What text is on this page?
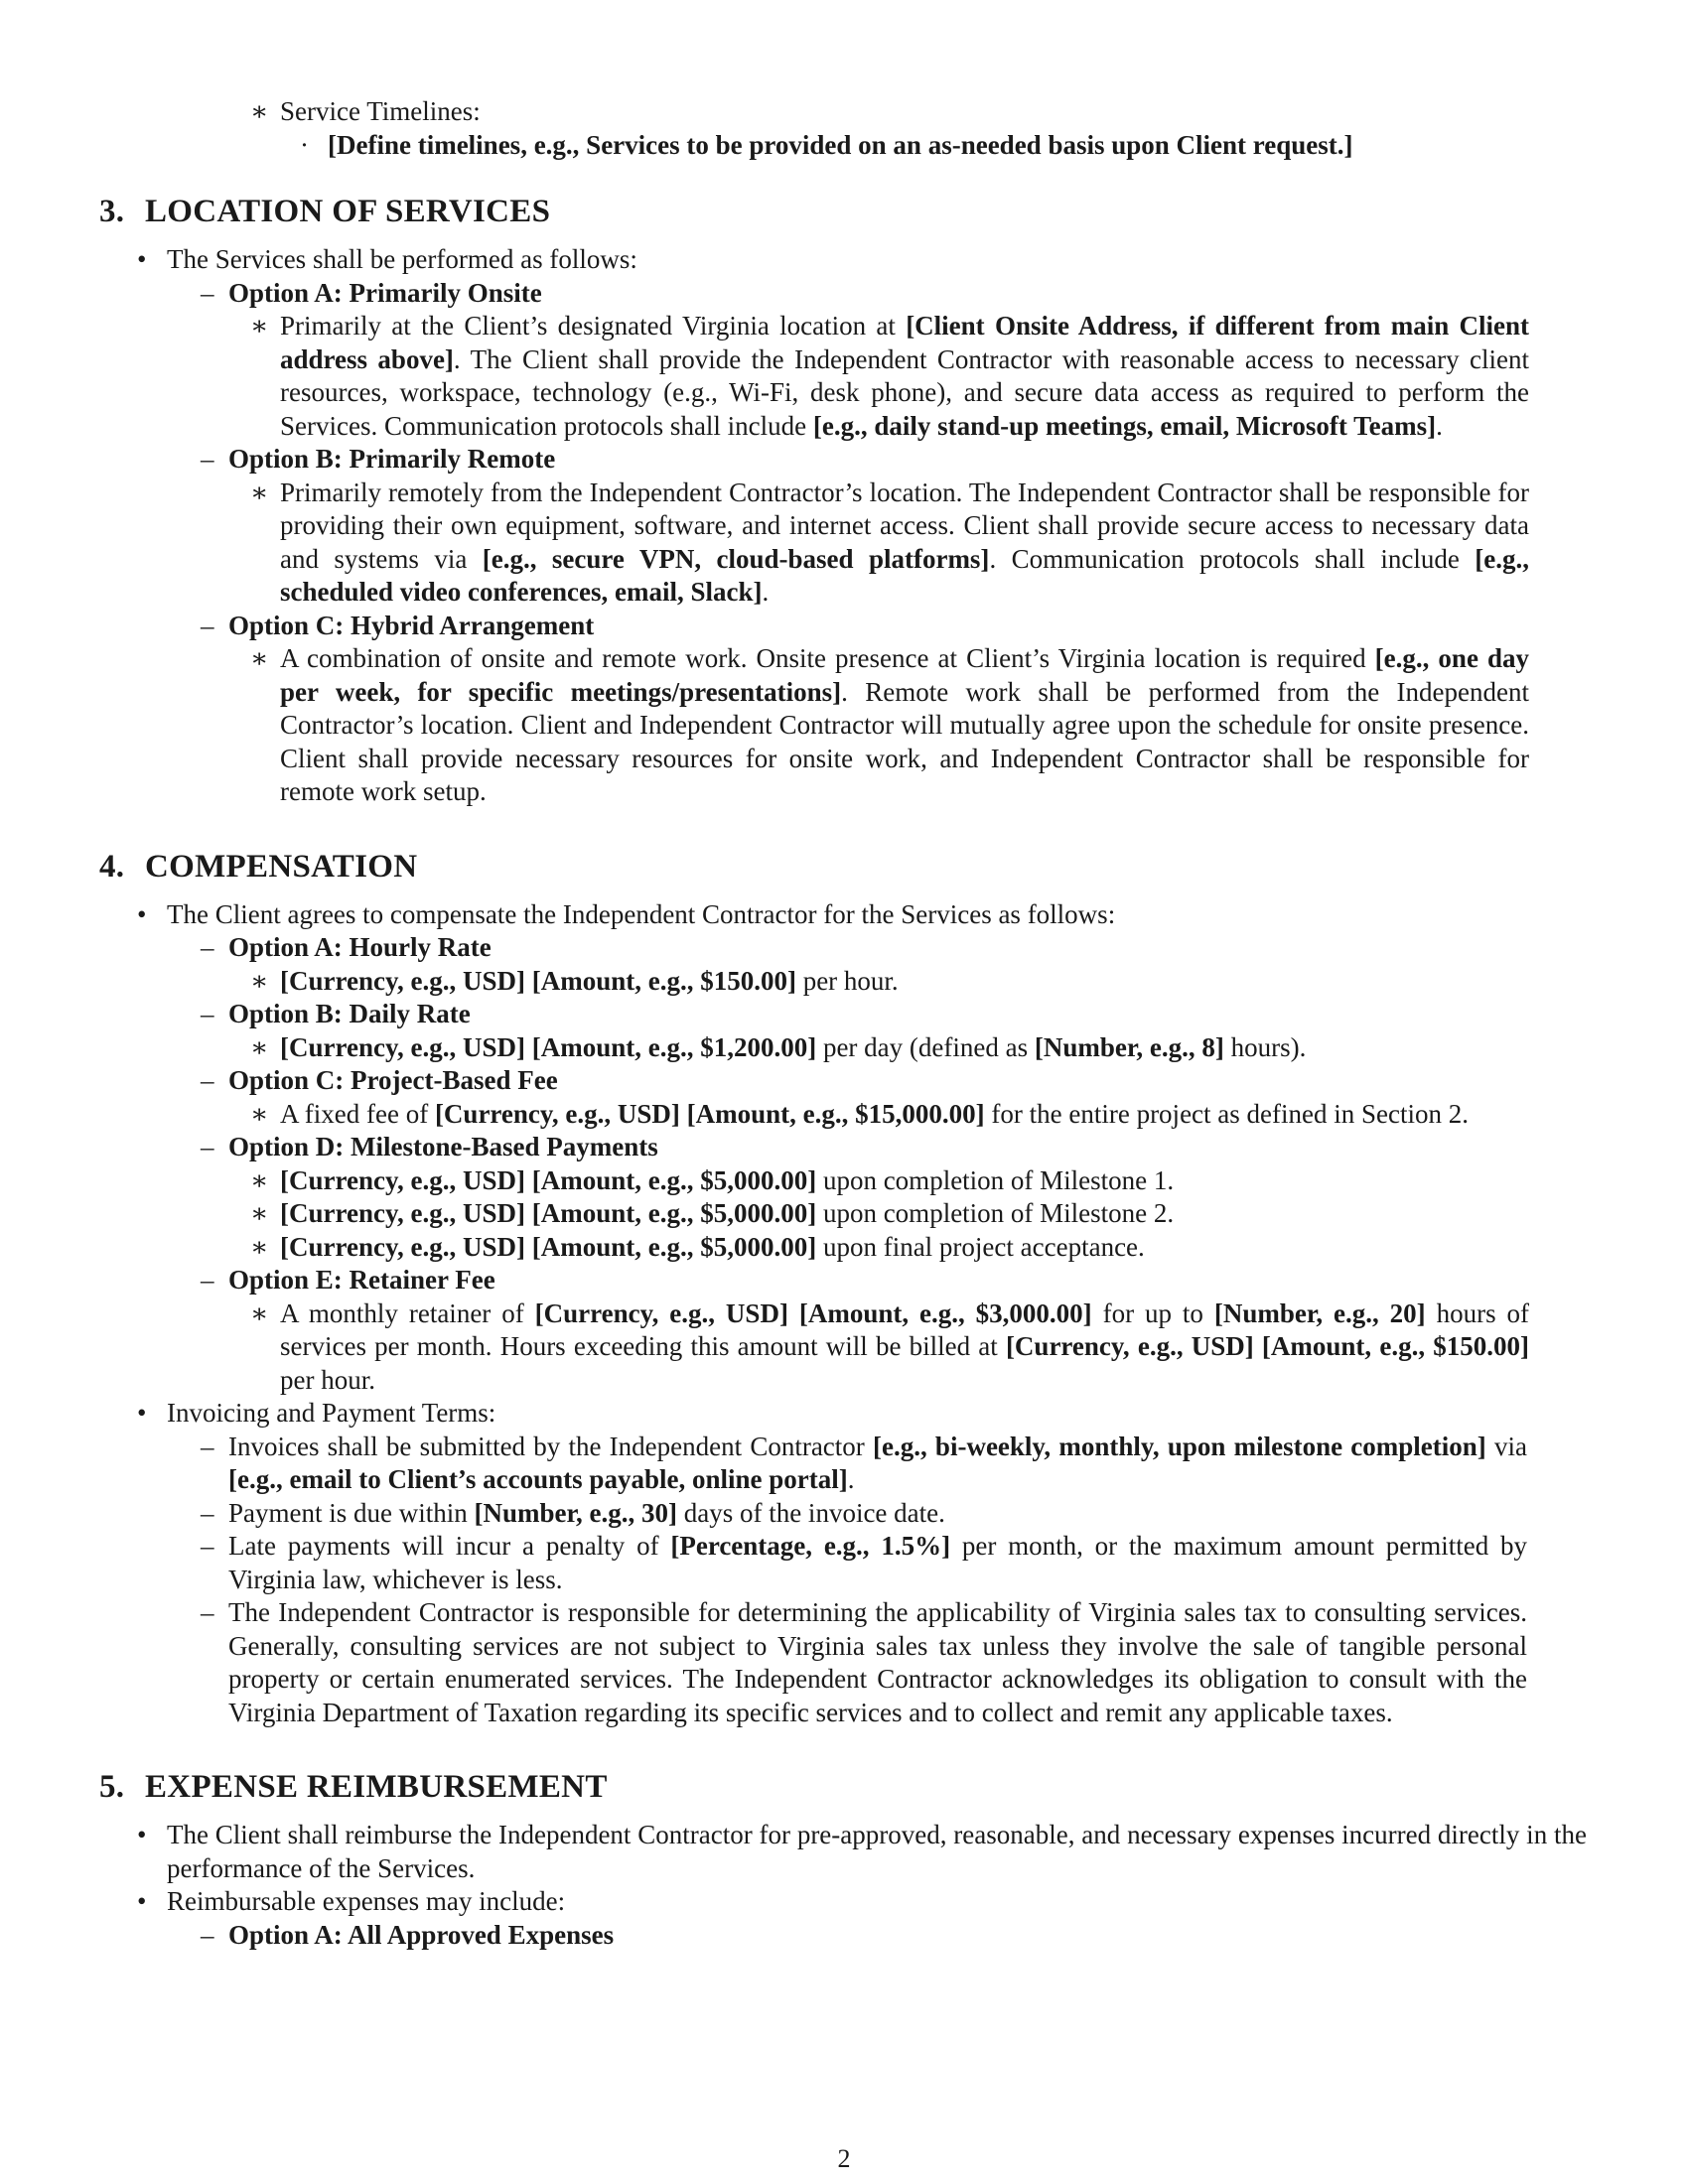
∗ Service Timelines:
· [Define timelines, e.g., Services to be provided on an as-needed basis upon Client request.]
3. LOCATION OF SERVICES
• The Services shall be performed as follows:
– Option A: Primarily Onsite
∗ Primarily at the Client’s designated Virginia location at [Client Onsite Address, if different from main Client address above]. The Client shall provide the Independent Contractor with reasonable access to necessary client resources, workspace, technology (e.g., Wi-Fi, desk phone), and secure data access as required to perform the Services. Communication protocols shall include [e.g., daily stand-up meetings, email, Microsoft Teams].
– Option B: Primarily Remote
∗ Primarily remotely from the Independent Contractor’s location. The Independent Contractor shall be responsible for providing their own equipment, software, and internet access. Client shall provide secure access to necessary data and systems via [e.g., secure VPN, cloud-based platforms]. Communication protocols shall include [e.g., scheduled video conferences, email, Slack].
– Option C: Hybrid Arrangement
∗ A combination of onsite and remote work. Onsite presence at Client’s Virginia location is required [e.g., one day per week, for specific meetings/presentations]. Remote work shall be performed from the Independent Contractor’s location. Client and Independent Contractor will mutually agree upon the schedule for onsite presence. Client shall provide necessary resources for onsite work, and Independent Contractor shall be responsible for remote work setup.
4. COMPENSATION
• The Client agrees to compensate the Independent Contractor for the Services as follows:
– Option A: Hourly Rate
∗ [Currency, e.g., USD] [Amount, e.g., $150.00] per hour.
– Option B: Daily Rate
∗ [Currency, e.g., USD] [Amount, e.g., $1,200.00] per day (defined as [Number, e.g., 8] hours).
– Option C: Project-Based Fee
∗ A fixed fee of [Currency, e.g., USD] [Amount, e.g., $15,000.00] for the entire project as defined in Section 2.
– Option D: Milestone-Based Payments
∗ [Currency, e.g., USD] [Amount, e.g., $5,000.00] upon completion of Milestone 1.
∗ [Currency, e.g., USD] [Amount, e.g., $5,000.00] upon completion of Milestone 2.
∗ [Currency, e.g., USD] [Amount, e.g., $5,000.00] upon final project acceptance.
– Option E: Retainer Fee
∗ A monthly retainer of [Currency, e.g., USD] [Amount, e.g., $3,000.00] for up to [Number, e.g., 20] hours of services per month. Hours exceeding this amount will be billed at [Currency, e.g., USD] [Amount, e.g., $150.00] per hour.
• Invoicing and Payment Terms:
– Invoices shall be submitted by the Independent Contractor [e.g., bi-weekly, monthly, upon milestone completion] via [e.g., email to Client’s accounts payable, online portal].
– Payment is due within [Number, e.g., 30] days of the invoice date.
– Late payments will incur a penalty of [Percentage, e.g., 1.5%] per month, or the maximum amount permitted by Virginia law, whichever is less.
– The Independent Contractor is responsible for determining the applicability of Virginia sales tax to consulting services. Generally, consulting services are not subject to Virginia sales tax unless they involve the sale of tangible personal property or certain enumerated services. The Independent Contractor acknowledges its obligation to consult with the Virginia Department of Taxation regarding its specific services and to collect and remit any applicable taxes.
5. EXPENSE REIMBURSEMENT
• The Client shall reimburse the Independent Contractor for pre-approved, reasonable, and necessary expenses incurred directly in the performance of the Services.
• Reimbursable expenses may include:
– Option A: All Approved Expenses
2
